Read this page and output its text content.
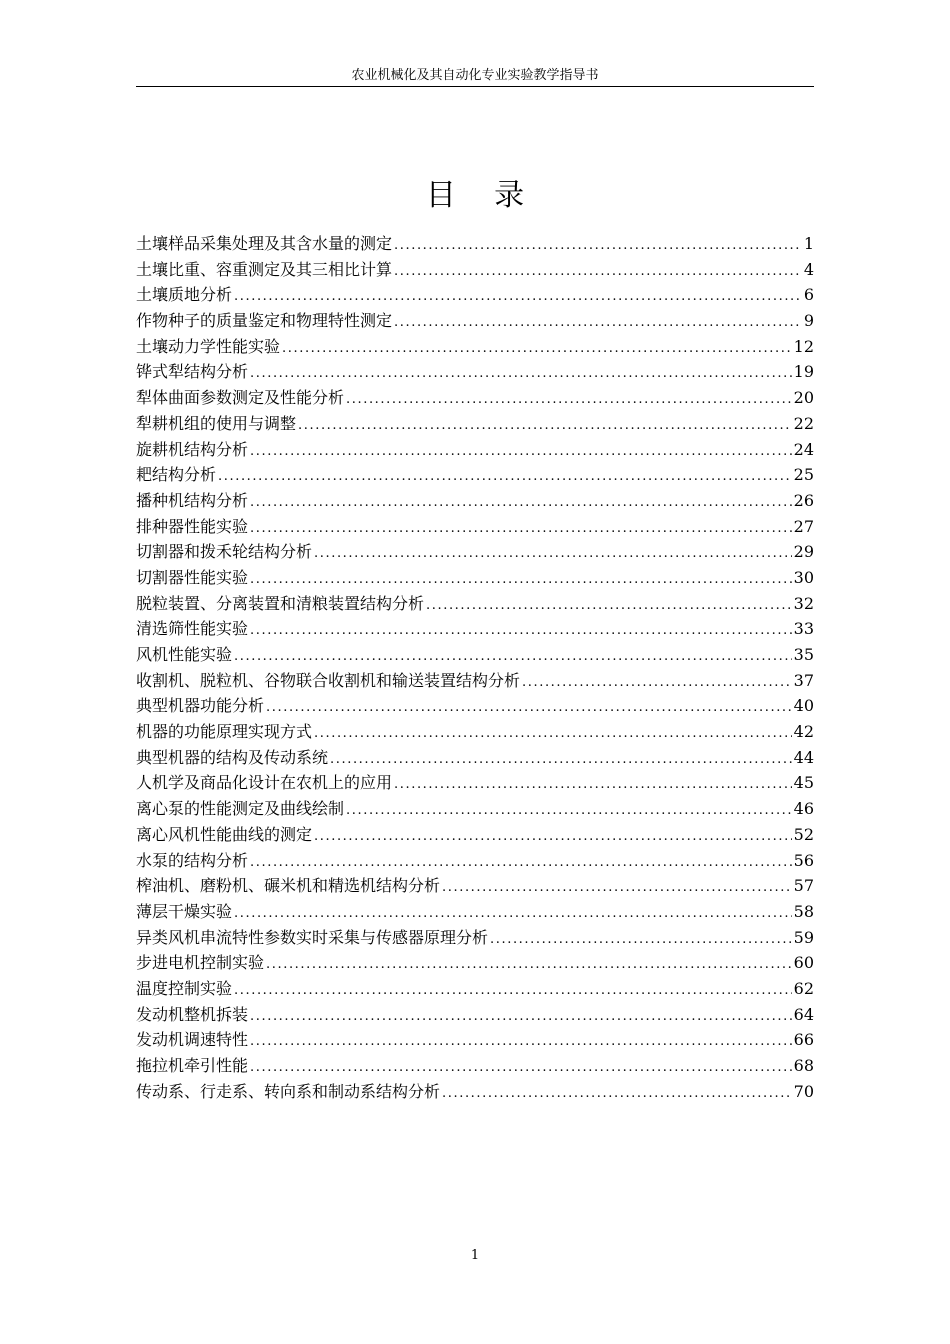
农业机械化及其自动化专业实验教学指导书
目    录
土壤样品采集处理及其含水量的测定 .....	1
土壤比重、容重测定及其三相比计算 .....	4
土壤质地分析 .....	6
作物种子的质量鉴定和物理特性测定 .....	9
土壤动力学性能实验 .....	12
铧式犁结构分析 .....	19
犁体曲面参数测定及性能分析 .....	20
犁耕机组的使用与调整 .....	22
旋耕机结构分析 .....	24
耙结构分析 .....	25
播种机结构分析 .....	26
排种器性能实验 .....	27
切割器和拨禾轮结构分析 .....	29
切割器性能实验 .....	30
脱粒装置、分离装置和清粮装置结构分析 .....	32
清选筛性能实验 .....	33
风机性能实验 .....	35
收割机、脱粒机、谷物联合收割机和输送装置结构分析 .....	37
典型机器功能分析 .....	40
机器的功能原理实现方式 .....	42
典型机器的结构及传动系统 .....	44
人机学及商品化设计在农机上的应用 .....	45
离心泵的性能测定及曲线绘制 .....	46
离心风机性能曲线的测定 .....	52
水泵的结构分析 .....	56
榨油机、磨粉机、碾米机和精选机结构分析 .....	57
薄层干燥实验 .....	58
异类风机串流特性参数实时采集与传感器原理分析 .....	59
步进电机控制实验 .....	60
温度控制实验 .....	62
发动机整机拆装 .....	64
发动机调速特性 .....	66
拖拉机牵引性能 .....	68
传动系、行走系、转向系和制动系结构分析 .....	70
1
